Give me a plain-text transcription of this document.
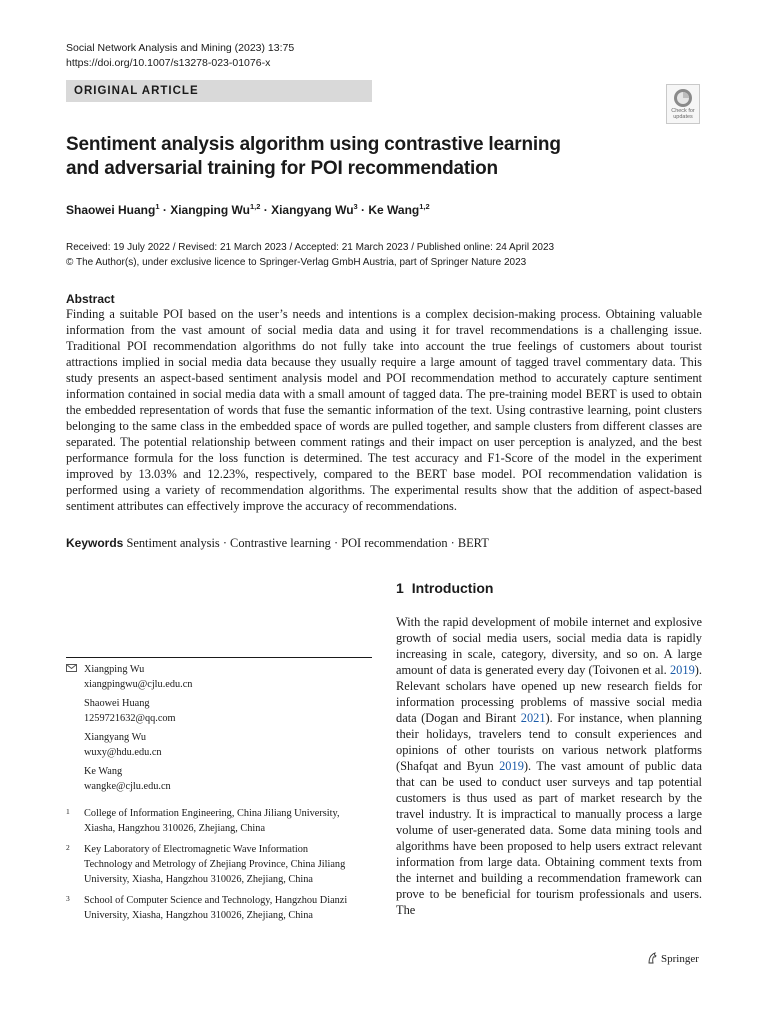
Social Network Analysis and Mining (2023) 13:75
https://doi.org/10.1007/s13278-023-01076-x
ORIGINAL ARTICLE
Check for updates
Sentiment analysis algorithm using contrastive learning and adversarial training for POI recommendation
Shaowei Huang$^1$ · Xiangping Wu$^{1,2}$ · Xiangyang $Wu^3 \cdot Ke$ Wang$^{1,2}$
Received: 19 July 2022 / Revised: 21 March 2023 / Accepted: 21 March 2023 / Published online: 24 April 2023
© The Author(s), under exclusive licence to Springer-Verlag GmbH Austria, part of Springer Nature 2023
Abstract
Finding a suitable POI based on the user’s needs and intentions is a complex decision-making process. Obtaining valuable information from the vast amount of social media data and using it for travel recommendations is a challenging issue. Traditional POI recommendation algorithms do not fully take into account the true feelings of customers about tourist attractions implied in social media data because they usually require a large amount of tagged travel commentary data. This study presents an aspect-based sentiment analysis model and POI recommendation method to accurately capture sentiment information contained in social media data with a small amount of tagged data. The pre-training model BERT is used to obtain the embedded representation of words that fuse the semantic information of the text. Using contrastive learning, point clusters belonging to the same class in the embedded space of words are pulled together, and sample clusters from different classes are separated. The potential relationship between comment ratings and their impact on user perception is analyzed, and the best performance formula for the loss function is determined. The test accuracy and F1-Score of the model in the experiment improved by 13.03% and 12.23%, respectively, compared to the BERT base model. POI recommendation validation is performed using a variety of recommendation algorithms. The experimental results show that the addition of aspect-based sentiment attributes can effectively improve the accuracy of recommendations.
Keywords Sentiment analysis · Contrastive learning · POI recommendation · BERT
1 Introduction
With the rapid development of mobile internet and explosive growth of social media users, social media data is rapidly increasing in scale, category, diversity, and so on. A large amount of data is generated every day (Toivonen et al. 2019). Relevant scholars have opened up new research fields for information processing problems of massive social media data (Dogan and Birant 2021). For instance, when planning their holidays, travelers tend to consult experiences and opinions of other tourists on various network platforms (Shafqat and Byun 2019). The vast amount of public data that can be used to conduct user surveys and tap potential customers is thus used as part of market research by the travel industry. It is impractical to manually process a large volume of user-generated data. Some data mining tools and algorithms have been proposed to help users extract relevant information from large data. Obtaining comment texts from the internet and building a recommendation framework can prove to be beneficial for tourism professionals and users. The
Xiangping Wu
xiangpingwu@cjlu.edu.cn
Shaowei Huang
1259721632@qq.com
Xiangyang Wu
wuxy@hdu.edu.cn
Ke Wang
wangke@cjlu.edu.cn
1 College of Information Engineering, China Jiliang University, Xiasha, Hangzhou 310026, Zhejiang, China
2 Key Laboratory of Electromagnetic Wave Information Technology and Metrology of Zhejiang Province, China Jiliang University, Xiasha, Hangzhou 310026, Zhejiang, China
3 School of Computer Science and Technology, Hangzhou Dianzi University, Xiasha, Hangzhou 310026, Zhejiang, China
Springer
